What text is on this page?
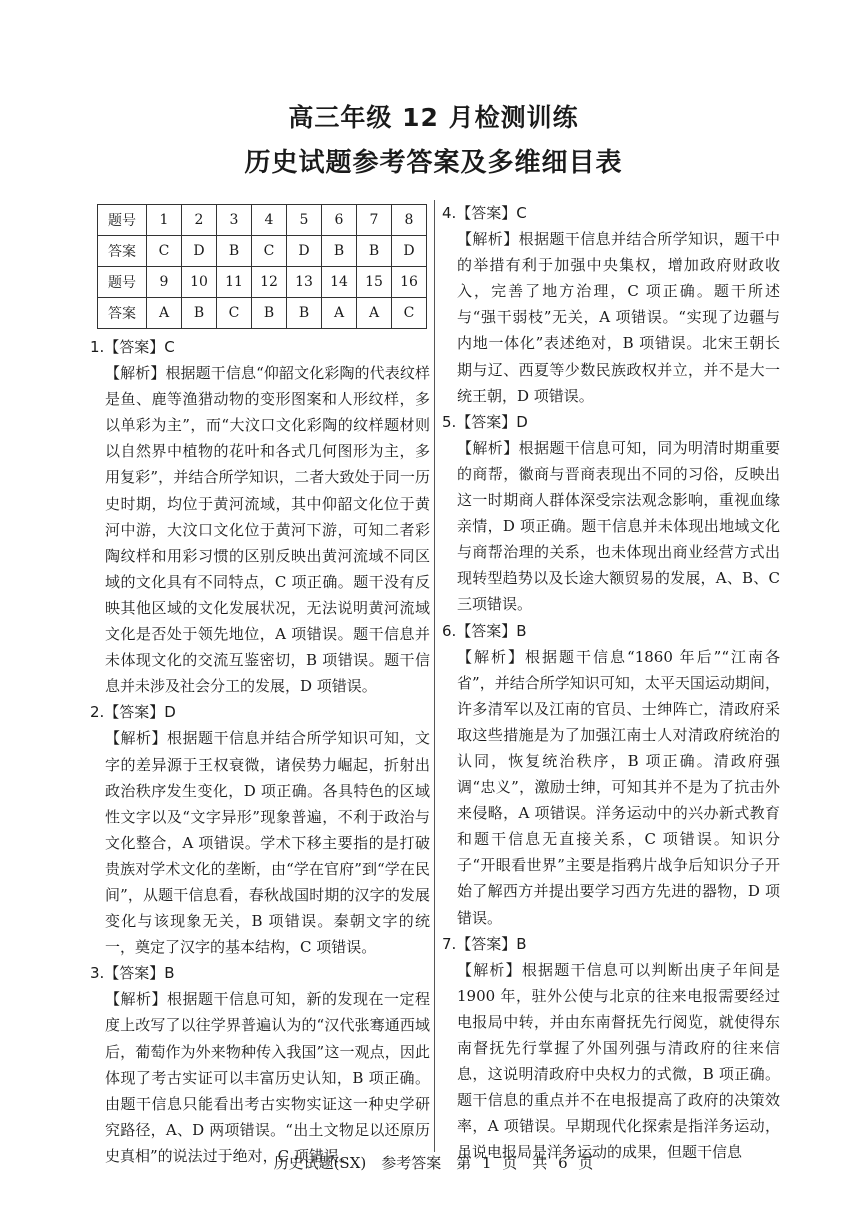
高三年级 12 月检测训练
历史试题参考答案及多维细目表
题号	1	2	3	4	5	6	7	8
答案	C	D	B	C	D	B	B	D
题号	9	10	11	12	13	14	15	16
答案	A	B	C	B	B	A	A	C
1.【答案】C
【解析】根据题干信息“仰韶文化彩陶的代表纹样是鱼、鹿等渔猎动物的变形图案和人形纹样，多以单彩为主”，而“大汶口文化彩陶的纹样题材则以自然界中植物的花叶和各式几何图形为主，多用复彩”，并结合所学知识，二者大致处于同一历史时期，均位于黄河流域，其中仰韶文化位于黄河中游，大汶口文化位于黄河下游，可知二者彩陶纹样和用彩习惯的区别反映出黄河流域不同区域的文化具有不同特点，C 项正确。题干没有反映其他区域的文化发展状况，无法说明黄河流域文化是否处于领先地位，A 项错误。题干信息并未体现文化的交流互鉴密切，B 项错误。题干信息并未涉及社会分工的发展，D 项错误。
2.【答案】D
【解析】根据题干信息并结合所学知识可知，文字的差异源于王权衰微，诸侯势力崛起，折射出政治秩序发生变化，D 项正确。各具特色的区域性文字以及“文字异形”现象普遍，不利于政治与文化整合，A 项错误。学术下移主要指的是打破贵族对学术文化的垄断，由“学在官府”到“学在民间”，从题干信息看，春秋战国时期的汉字的发展变化与该现象无关，B 项错误。秦朝文字的统一，奠定了汉字的基本结构，C 项错误。
3.【答案】B
【解析】根据题干信息可知，新的发现在一定程度上改写了以往学界普遍认为的“汉代张骞通西域后，葡萄作为外来物种传入我国”这一观点，因此体现了考古实证可以丰富历史认知，B 项正确。由题干信息只能看出考古实物实证这一种史学研究路径，A、D 两项错误。“出土文物足以还原历史真相”的说法过于绝对，C 项错误。
4.【答案】C
【解析】根据题干信息并结合所学知识，题干中的举措有利于加强中央集权，增加政府财政收入，完善了地方治理，C 项正确。题干所述与“强干弱枝”无关，A 项错误。“实现了边疆与内地一体化”表述绝对，B 项错误。北宋王朝长期与辽、西夏等少数民族政权并立，并不是大一统王朝，D 项错误。
5.【答案】D
【解析】根据题干信息可知，同为明清时期重要的商帮，徽商与晋商表现出不同的习俗，反映出这一时期商人群体深受宗法观念影响，重视血缘亲情，D 项正确。题干信息并未体现出地域文化与商帮治理的关系，也未体现出商业经营方式出现转型趋势以及长途大额贸易的发展，A、B、C 三项错误。
6.【答案】B
【解析】根据题干信息“1860 年后”“江南各省”，并结合所学知识可知，太平天国运动期间，许多清军以及江南的官员、士绅阵亡，清政府采取这些措施是为了加强江南士人对清政府统治的认同，恢复统治秩序，B 项正确。清政府强调“忠义”，激励士绅，可知其并不是为了抗击外来侵略，A 项错误。洋务运动中的兴办新式教育和题干信息无直接关系，C 项错误。知识分子“开眼看世界”主要是指鸦片战争后知识分子开始了解西方并提出要学习西方先进的器物，D 项错误。
7.【答案】B
【解析】根据题干信息可以判断出庚子年间是 1900 年，驻外公使与北京的往来电报需要经过电报局中转，并由东南督抚先行阅览，就使得东南督抚先行掌握了外国列强与清政府的往来信息，这说明清政府中央权力的式微，B 项正确。题干信息的重点并不在电报提高了政府的决策效率，A 项错误。早期现代化探索是指洋务运动，虽说电报局是洋务运动的成果，但题干信息
历史试题(SX)　参考答案　第 1 页　共 6 页
